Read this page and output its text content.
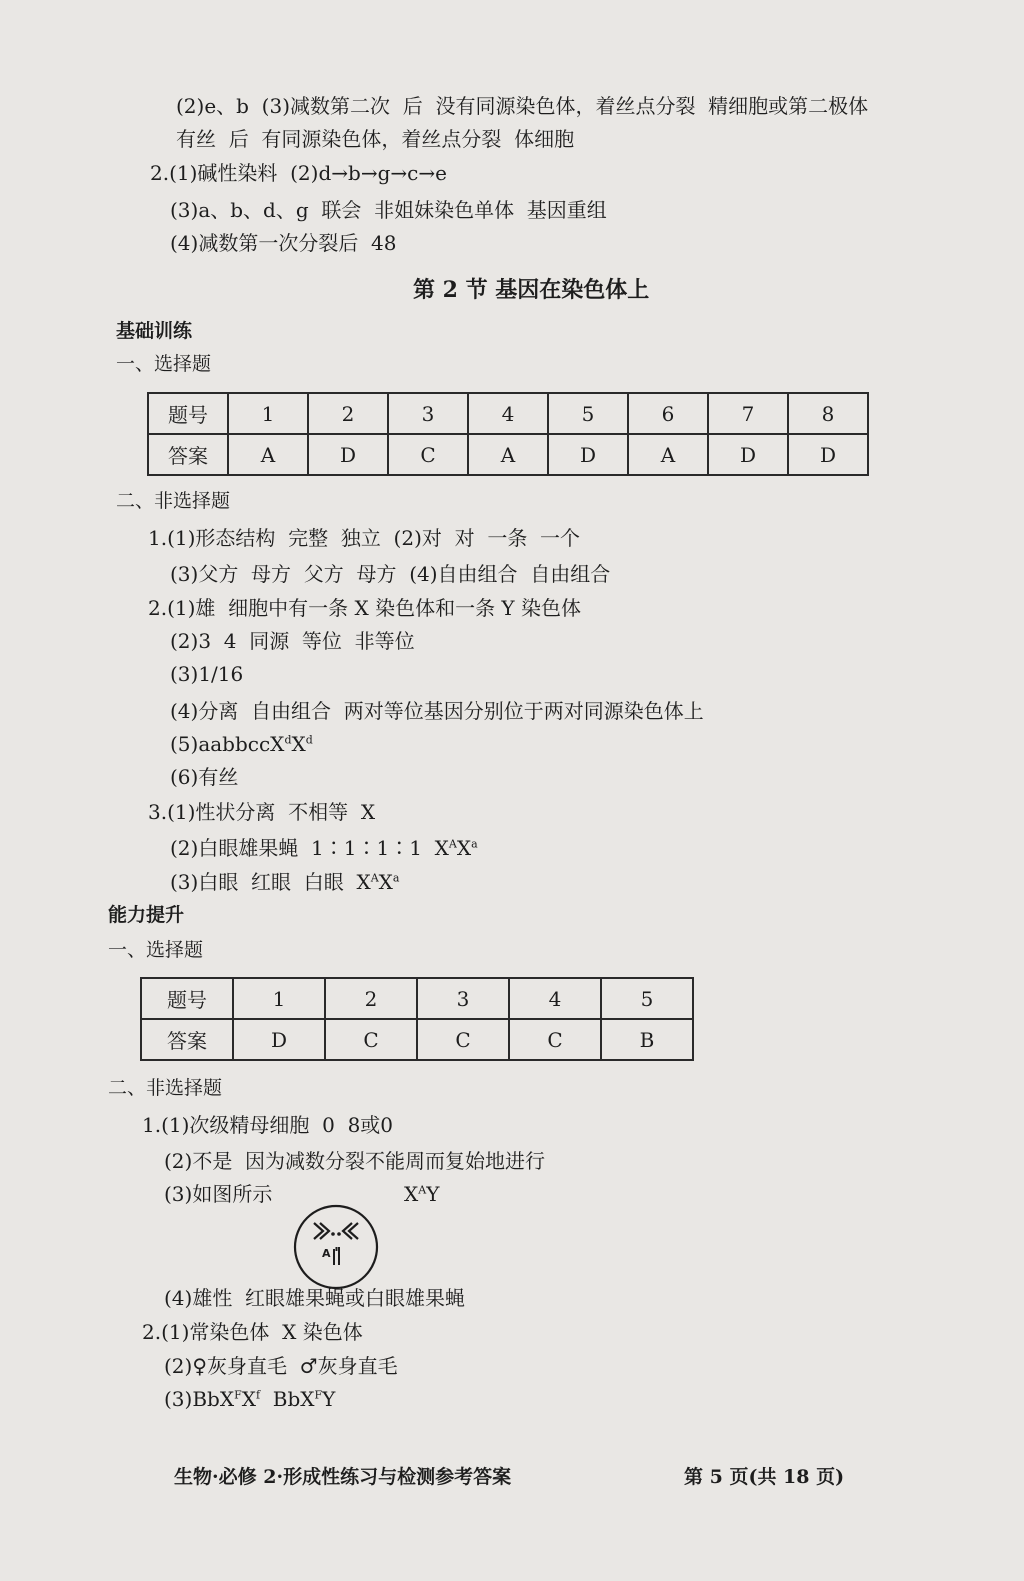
(2)e、b  (3)减数第二次  后  没有同源染色体，着丝点分裂  精细胞或第二极体
有丝  后  有同源染色体，着丝点分裂  体细胞
2.(1)碱性染料  (2)d→b→g→c→e
(3)a、b、d、g  联会  非姐妹染色单体  基因重组
(4)减数第一次分裂后  48
第 2 节 基因在染色体上
基础训练
一、选择题
题号	1	2	3	4	5	6	7	8
答案	A	D	C	A	D	A	D	D
二、非选择题
1.(1)形态结构  完整  独立  (2)对  对  一条  一个
(3)父方  母方  父方  母方  (4)自由组合  自由组合
2.(1)雄  细胞中有一条 X 染色体和一条 Y 染色体
(2)3  4  同源  等位  非等位
(3)1/16
(4)分离  自由组合  两对等位基因分别位于两对同源染色体上
$(5)aabbccX^dX^d$
(6)有丝
3.(1)性状分离  不相等  X
(2)白眼雄果蝇  1∶1∶1∶1  $X^AX^a$
(3)白眼  红眼  白眼  $X^AX^a$
能力提升
一、选择题
题号	1	2	3	4	5
答案	D	C	C	C	B
二、非选择题
1.(1)次级精母细胞  0  8或0
(2)不是  因为减数分裂不能周而复始地进行
(3)如图所示	$X^AY$
A
(4)雄性  红眼雄果蝇或白眼雄果蝇
2.(1)常染色体  X 染色体
(2)♀灰身直毛  ♂灰身直毛
$(3)BbX^FX^f$  BbX$^F$Y
生物·必修 2·形成性练习与检测参考答案	第 5 页(共 18 页)
